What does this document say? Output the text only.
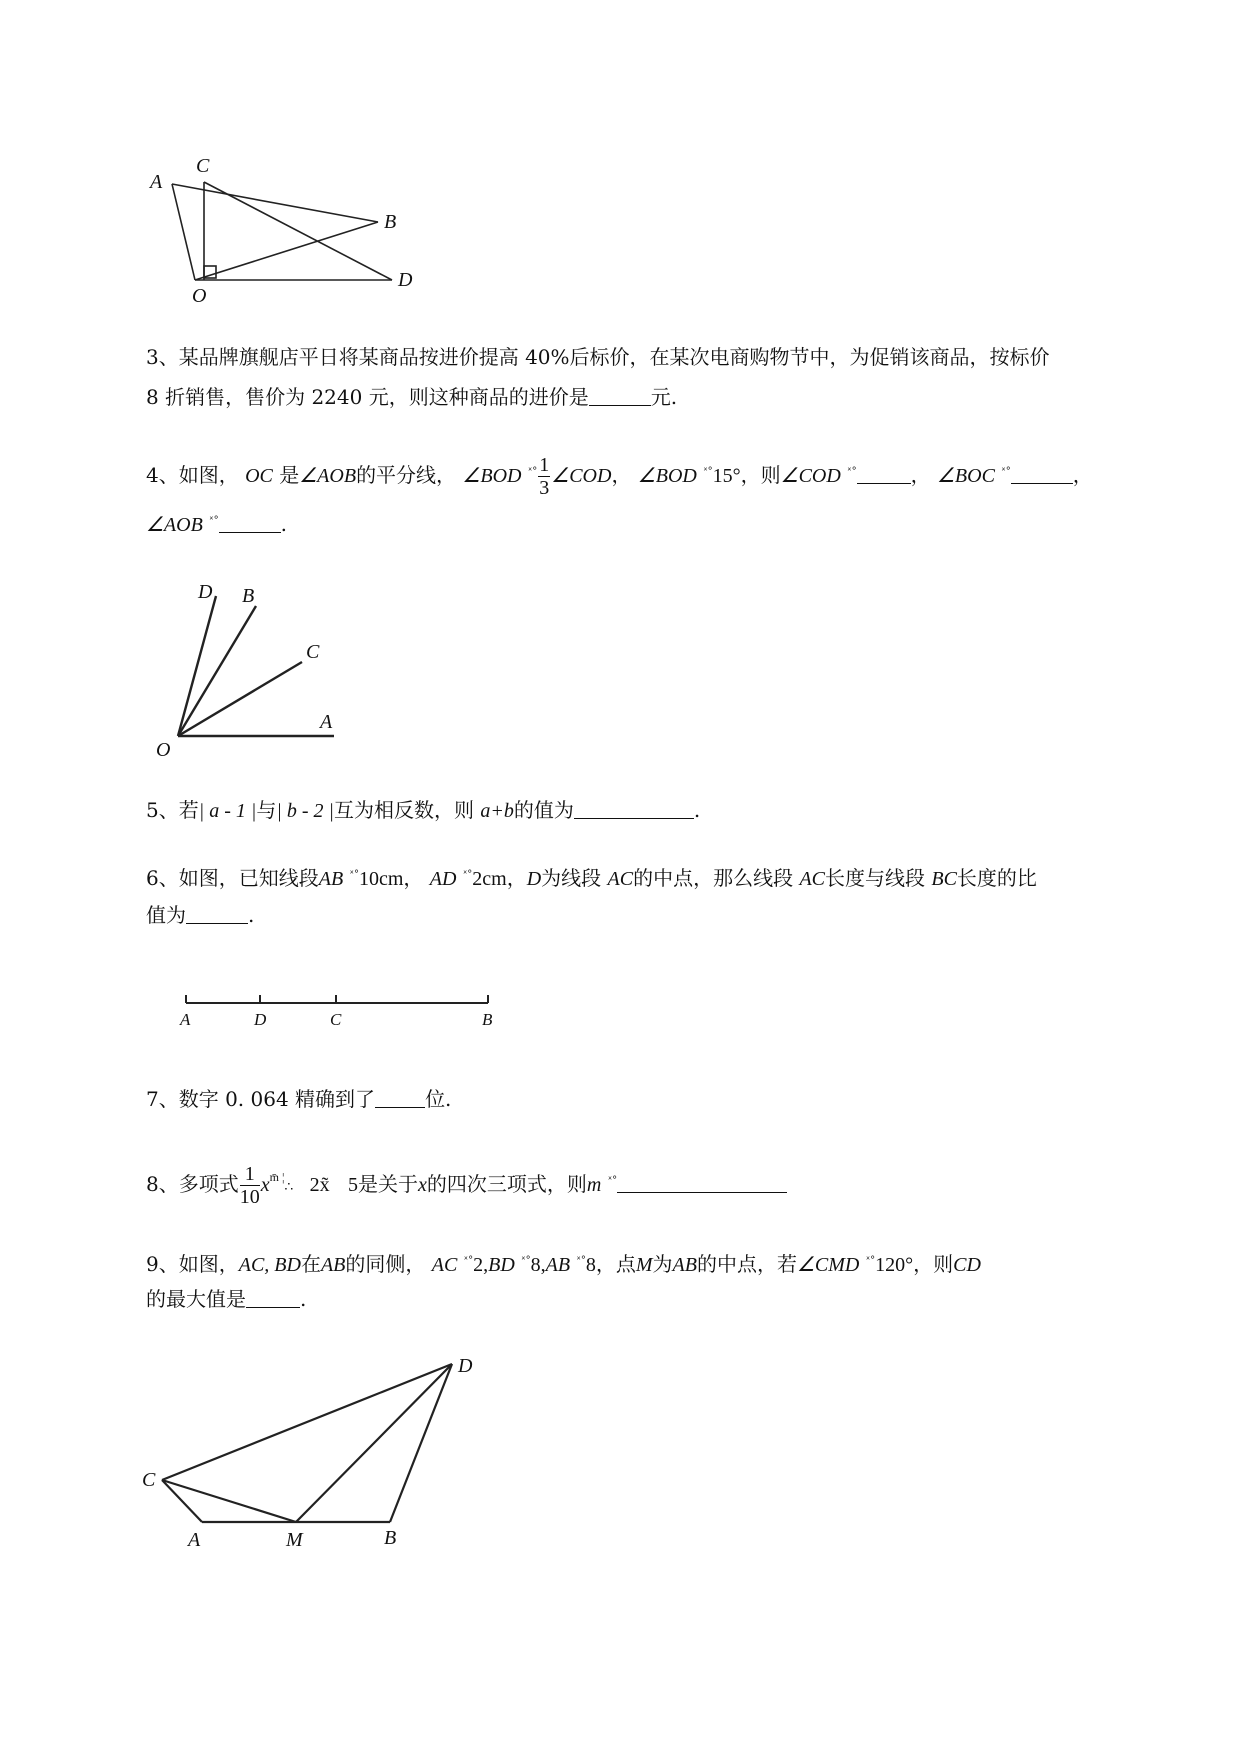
A
C
B
O
D
3、某品牌旗舰店平日将某商品按进价提高 40%后标价，在某次电商购物节中，为促销该商品，按标价
8 折销售，售价为 2240 元，则这种商品的进价是	元.
4、如图， OC 是∠AOB的平分线， ∠BOD $^{ˣ^\circ} \frac{1}{3}$ ∠COD， ∠BOD $^{ˣ^\circ}$15°，则∠COD $^{ˣ^\circ}$	， ∠BOC $^{ˣ^\circ}$	，
∠AOB $^{ˣ^\circ}$	.
D B
C
A
O
5、若| a - 1 |与| b - 2 |互为相反数，则 a+b的值为	.
6、如图，已知线段AB $^{ˣ^\circ}$10cm， AD $^{ˣ^\circ}$2cm，D为线段 AC的中点，那么线段 AC长度与线段 BC长度的比
值为	.
A	D	C	B
7、数字 0. 064 精确到了	位.
8、多项式 $\frac{1}{10}$ $x^{m̄ ¦}\therefore$ 2x̃ 5是关于x的四次三项式，则m $^{ˣ^\circ}$
9、如图，AC, BD在AB的同侧， AC $^{ˣ^\circ}$2,BD $^{ˣ^\circ}$8,AB $^{ˣ^\circ}$8，点M为AB的中点，若∠CMD $^{ˣ^\circ}$120°，则CD
的最大值是	.
D
C
A	M	B
